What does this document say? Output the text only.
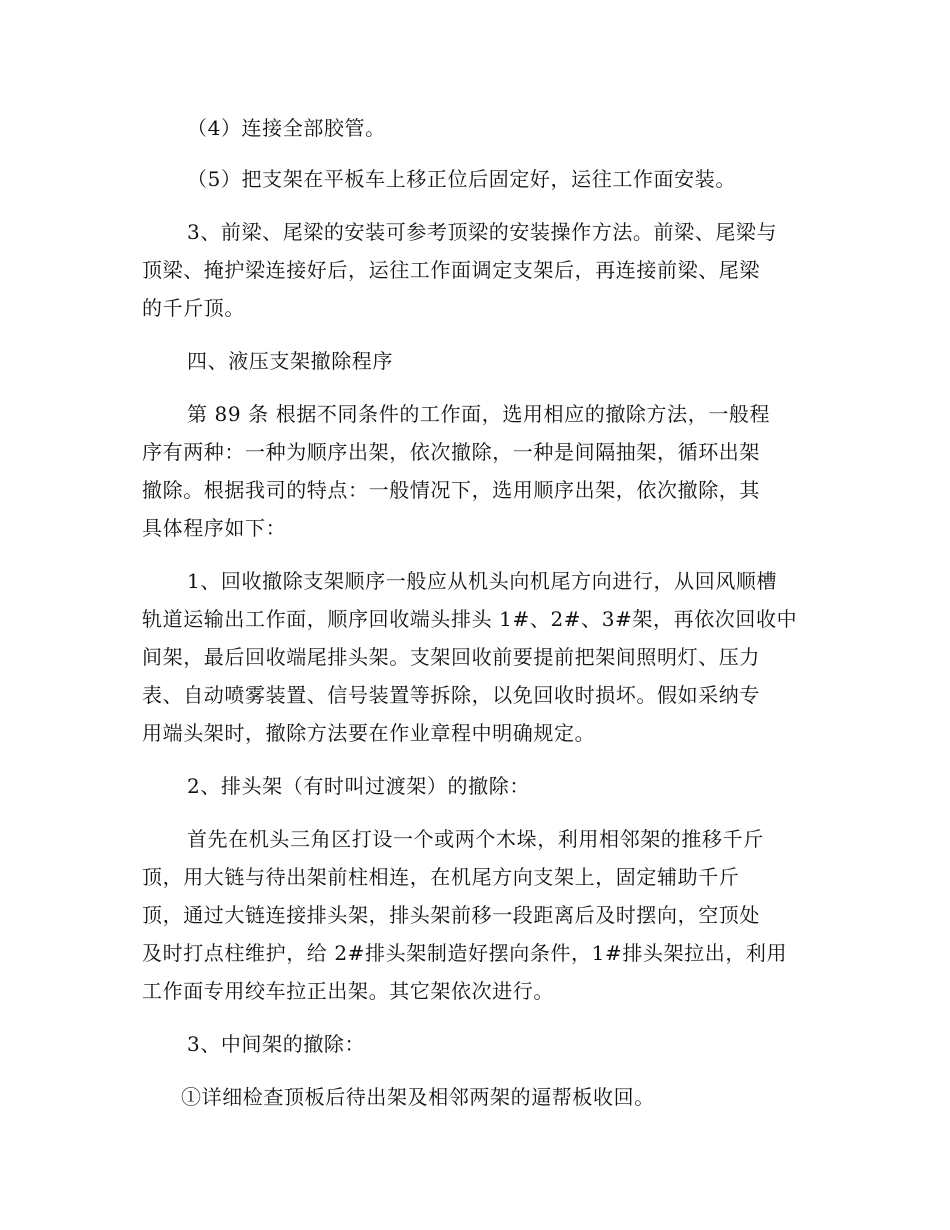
（4）连接全部胶管。
（5）把支架在平板车上移正位后固定好，运往工作面安装。
3、前梁、尾梁的安装可参考顶梁的安装操作方法。前梁、尾梁与
顶梁、掩护梁连接好后，运往工作面调定支架后，再连接前梁、尾梁
的千斤顶。
四、液压支架撤除程序
第 89 条 根据不同条件的工作面，选用相应的撤除方法，一般程
序有两种：一种为顺序出架，依次撤除，一种是间隔抽架，循环出架
撤除。根据我司的特点：一般情况下，选用顺序出架，依次撤除，其
具体程序如下：
1、回收撤除支架顺序一般应从机头向机尾方向进行，从回风顺槽
轨道运输出工作面，顺序回收端头排头 1#、2#、3#架，再依次回收中
间架，最后回收端尾排头架。支架回收前要提前把架间照明灯、压力
表、自动喷雾装置、信号装置等拆除，以免回收时损坏。假如采纳专
用端头架时，撤除方法要在作业章程中明确规定。
2、排头架（有时叫过渡架）的撤除：
首先在机头三角区打设一个或两个木垛，利用相邻架的推移千斤
顶，用大链与待出架前柱相连，在机尾方向支架上，固定辅助千斤
顶，通过大链连接排头架，排头架前移一段距离后及时摆向，空顶处
及时打点柱维护，给 2#排头架制造好摆向条件，1#排头架拉出，利用
工作面专用绞车拉正出架。其它架依次进行。
3、中间架的撤除：
①详细检查顶板后待出架及相邻两架的逼帮板收回。
